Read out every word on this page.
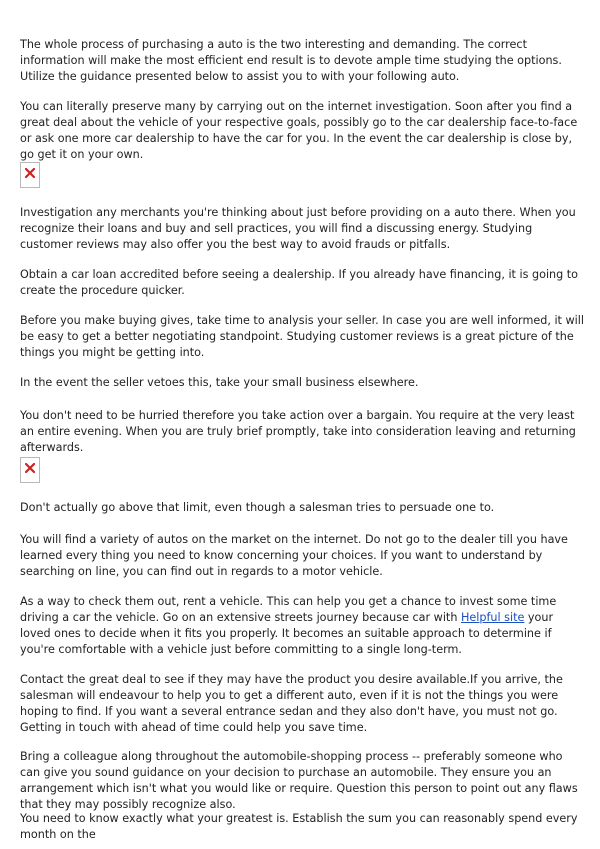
The whole process of purchasing a auto is the two interesting and demanding. The correct information will make the most efficient end result is to devote ample time studying the options. Utilize the guidance presented below to assist you to with your following auto.

You can literally preserve many by carrying out on the internet investigation. Soon after you find a great deal about the vehicle of your respective goals, possibly go to the car dealership face-to-face or ask one more car dealership to have the car for you. In the event the car dealership is close by, go get it on your own.

Investigation any merchants you're thinking about just before providing on a auto there. When you recognize their loans and buy and sell practices, you will find a discussing energy. Studying customer reviews may also offer you the best way to avoid frauds or pitfalls.

Obtain a car loan accredited before seeing a dealership. If you already have financing, it is going to create the procedure quicker.

Before you make buying gives, take time to analysis your seller. In case you are well informed, it will be easy to get a better negotiating standpoint. Studying customer reviews is a great picture of the things you might be getting into.

In the event the seller vetoes this, take your small business elsewhere.

You don't need to be hurried therefore you take action over a bargain. You require at the very least an entire evening. When you are truly brief promptly, take into consideration leaving and returning afterwards.

Don't actually go above that limit, even though a salesman tries to persuade one to.

You will find a variety of autos on the market on the internet. Do not go to the dealer till you have learned every thing you need to know concerning your choices. If you want to understand by searching on line, you can find out in regards to a motor vehicle.

As a way to check them out, rent a vehicle. This can help you get a chance to invest some time driving a car the vehicle. Go on an extensive streets journey because car with Helpful site your loved ones to decide when it fits you properly. It becomes an suitable approach to determine if you're comfortable with a vehicle just before committing to a single long-term.

Contact the great deal to see if they may have the product you desire available.If you arrive, the salesman will endeavour to help you to get a different auto, even if it is not the things you were hoping to find. If you want a several entrance sedan and they also don't have, you must not go. Getting in touch with ahead of time could help you save time.

Bring a colleague along throughout the automobile-shopping process -- preferably someone who can give you sound guidance on your decision to purchase an automobile. They ensure you an arrangement which isn't what you would like or require. Question this person to point out any flaws that they may possibly recognize also.

You need to know exactly what your greatest is. Establish the sum you can reasonably spend every month on the
